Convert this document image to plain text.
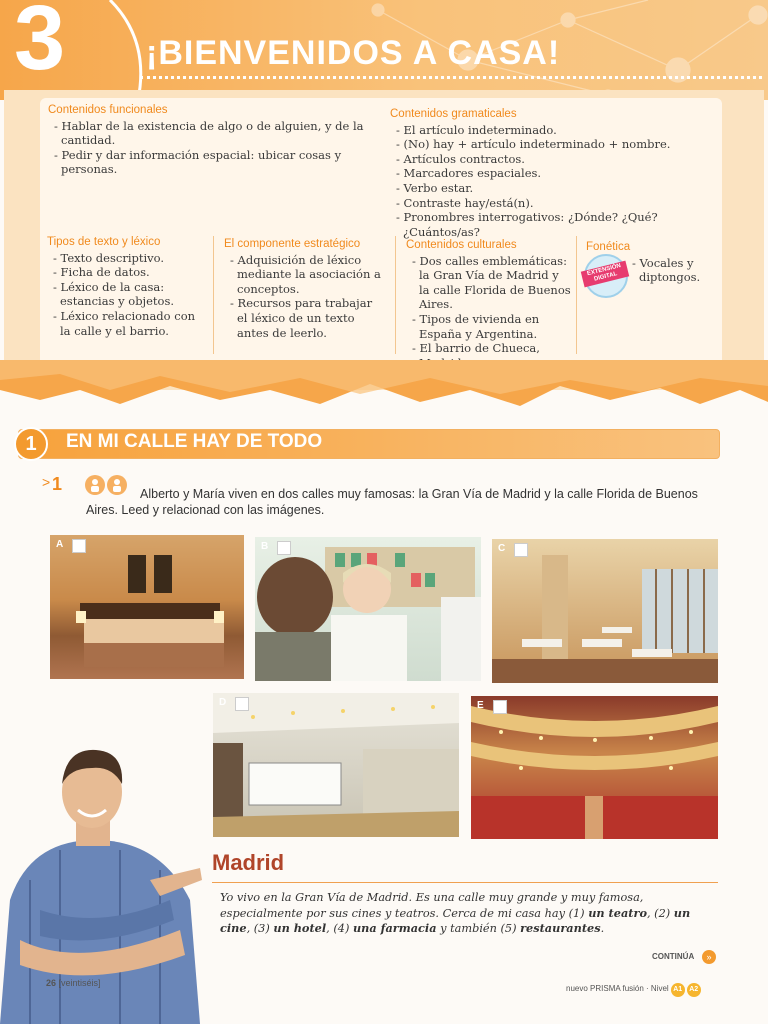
3 ¡BIENVENIDOS A CASA!
Contenidos funcionales
- Hablar de la existencia de algo o de alguien, y de la cantidad.
- Pedir y dar información espacial: ubicar cosas y personas.
Contenidos gramaticales
- El artículo indeterminado.
- (No) hay + artículo indeterminado + nombre.
- Artículos contractos.
- Marcadores espaciales.
- Verbo estar.
- Contraste hay/está(n).
- Pronombres interrogativos: ¿Dónde? ¿Qué? ¿Cuántos/as?
Tipos de texto y léxico
- Texto descriptivo.
- Ficha de datos.
- Léxico de la casa: estancias y objetos.
- Léxico relacionado con la calle y el barrio.
El componente estratégico
- Adquisición de léxico mediante la asociación a conceptos.
- Recursos para trabajar el léxico de un texto antes de leerlo.
Contenidos culturales
- Dos calles emblemáticas: la Gran Vía de Madrid y la calle Florida de Buenos Aires.
- Tipos de vivienda en España y Argentina.
- El barrio de Chueca,
Fonética
- Vocales y diptongos.
EXTENSIÓN DIGITAL
1	EN MI CALLE HAY DE TODO
> 1	Alberto y María viven en dos calles muy famosas: la Gran Vía de Madrid y la calle Florida de Buenos Aires. Leed y relacionad con las imágenes.
A	B	C
D	E
Madrid
Yo vivo en la Gran Vía de Madrid. Es una calle muy grande y muy famosa, especialmente por sus cines y teatros. Cerca de mi casa hay (1) un teatro, (2) un cine, (3) un hotel, (4) una farmacia y también (5) restaurantes.
CONTINÚA	»
26 [veintiséis]
nuevo PRISMA fusión · Nivel A1 A2
